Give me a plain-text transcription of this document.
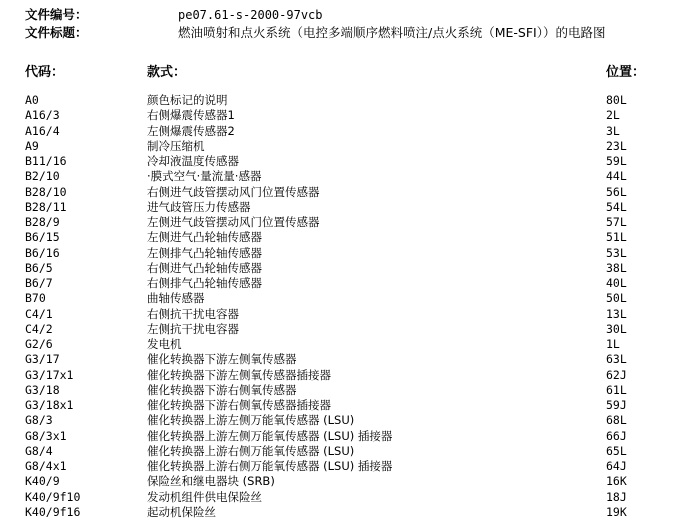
文件编号：	pe07.61-s-2000-97vcb
文件标题：	燃油喷射和点火系统（电控多端顺序燃料喷注/点火系统（ME-SFI））的电路图
代码：	款式：	位置：
A0	颜色标记的说明	80L
A16/3	右侧爆震传感器1	2L
A16/4	左侧爆震传感器2	3L
A9	制冷压缩机	23L
B11/16	冷却液温度传感器	59L
B2/10	·膜式空气·量流量·感器	44L
B28/10	右侧进气歧管摆动风门位置传感器	56L
B28/11	进气歧管压力传感器	54L
B28/9	左侧进气歧管摆动风门位置传感器	57L
B6/15	左侧进气凸轮轴传感器	51L
B6/16	左侧排气凸轮轴传感器	53L
B6/5	右侧进气凸轮轴传感器	38L
B6/7	右侧排气凸轮轴传感器	40L
B70	曲轴传感器	50L
C4/1	右侧抗干扰电容器	13L
C4/2	左侧抗干扰电容器	30L
G2/6	发电机	1L
G3/17	催化转换器下游左侧氧传感器	63L
G3/17x1	催化转换器下游左侧氧传感器插接器	62J
G3/18	催化转换器下游右侧氧传感器	61L
G3/18x1	催化转换器下游右侧氧传感器插接器	59J
G8/3	催化转换器上游左侧万能氧传感器 (LSU)	68L
G8/3x1	催化转换器上游左侧万能氧传感器 (LSU) 插接器	66J
G8/4	催化转换器上游右侧万能氧传感器 (LSU)	65L
G8/4x1	催化转换器上游右侧万能氧传感器 (LSU) 插接器	64J
K40/9	保险丝和继电器块 (SRB)	16K
K40/9f10	发动机组件供电保险丝	18J
K40/9f16	起动机保险丝	19K
